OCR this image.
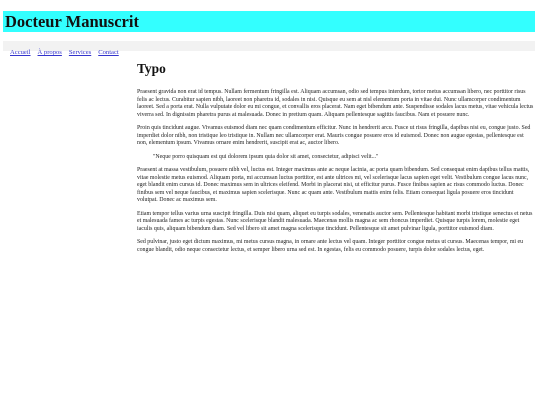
Docteur Manuscrit
Accueil À propos Services Contact
Typo

Praesent gravida non erat id tempus. Nullam fermentum fringilla est. Aliquam accumsan, odio sed tempus interdum, tortor metus accumsan libero, nec porttitor risus felis ac lectus. Curabitur sapien nibh, laoreet non pharetra id, sodales in nisi. Quisque eu sem at nisl elementum porta in vitae dui. Nunc ullamcorper condimentum laoreet. Sed a porta erat. Nulla vulputate dolor eu mi congue, et convallis eros placerat. Nam eget bibendum ante. Suspendisse sodales lacus metus, vitae vehicula lectus viverra sed. In dignissim pharetra purus at malesuada. Donec in pretium quam. Aliquam pellentesque sagittis faucibus. Nam et posuere nunc.

Proin quis tincidunt augue. Vivamus euismod diam nec quam condimentum efficitur. Nunc in hendrerit arcu. Fusce ut risus fringilla, dapibus nisi eu, congue justo. Sed imperdiet dolor nibh, non tristique leo tristique in. Nullam nec ullamcorper erat. Mauris congue posuere eros id euismod. Donec non augue egestas, pellentesque est non, elementum ipsum. Vivamus ornare enim hendrerit, suscipit erat ac, auctor libero.

"Neque porro quisquam est qui dolorem ipsum quia dolor sit amet, consectetur, adipisci velit..."

Praesent at massa vestibulum, posuere nibh vel, luctus est. Integer maximus ante ac neque lacinia, ac porta quam bibendum. Sed consequat enim dapibus tellus mattis, vitae molestie metus euismod. Aliquam porta, mi accumsan luctus porttitor, est ante ultrices mi, vel scelerisque lacus sapien eget velit. Vestibulum congue lacus nunc, eget blandit enim cursus id. Donec maximus sem in ultrices eleifend. Morbi in placerat nisi, ut efficitur purus. Fusce finibus sapien ac risus commodo luctus. Donec finibus sem vel neque faucibus, et maximus sapien scelerisque. Nunc ac quam ante. Vestibulum mattis enim felis. Etiam consequat ligula posuere eros tincidunt volutpat. Donec ac maximus sem.

Etiam tempor tellus varius urna suscipit fringilla. Duis nisi quam, aliquet eu turpis sodales, venenatis auctor sem. Pellentesque habitant morbi tristique senectus et netus et malesuada fames ac turpis egestas. Nunc scelerisque blandit malesuada. Maecenas mollis magna ac sem rhoncus imperdiet. Quisque turpis lorem, molestie eget iaculis quis, aliquam bibendum diam. Sed vel libero sit amet magna scelerisque tincidunt. Pellentesque sit amet pulvinar ligula, porttitor euismod diam.

Sed pulvinar, justo eget dictum maximus, mi metus cursus magna, in ornare ante lectus vel quam. Integer porttitor congue metus ut cursus. Maecenas tempor, mi eu congue blandit, odio neque consectetur lectus, et semper libero urna sed est. In egestas, felis eu commodo posuere, turpis dolor sodales lectus, eget.
